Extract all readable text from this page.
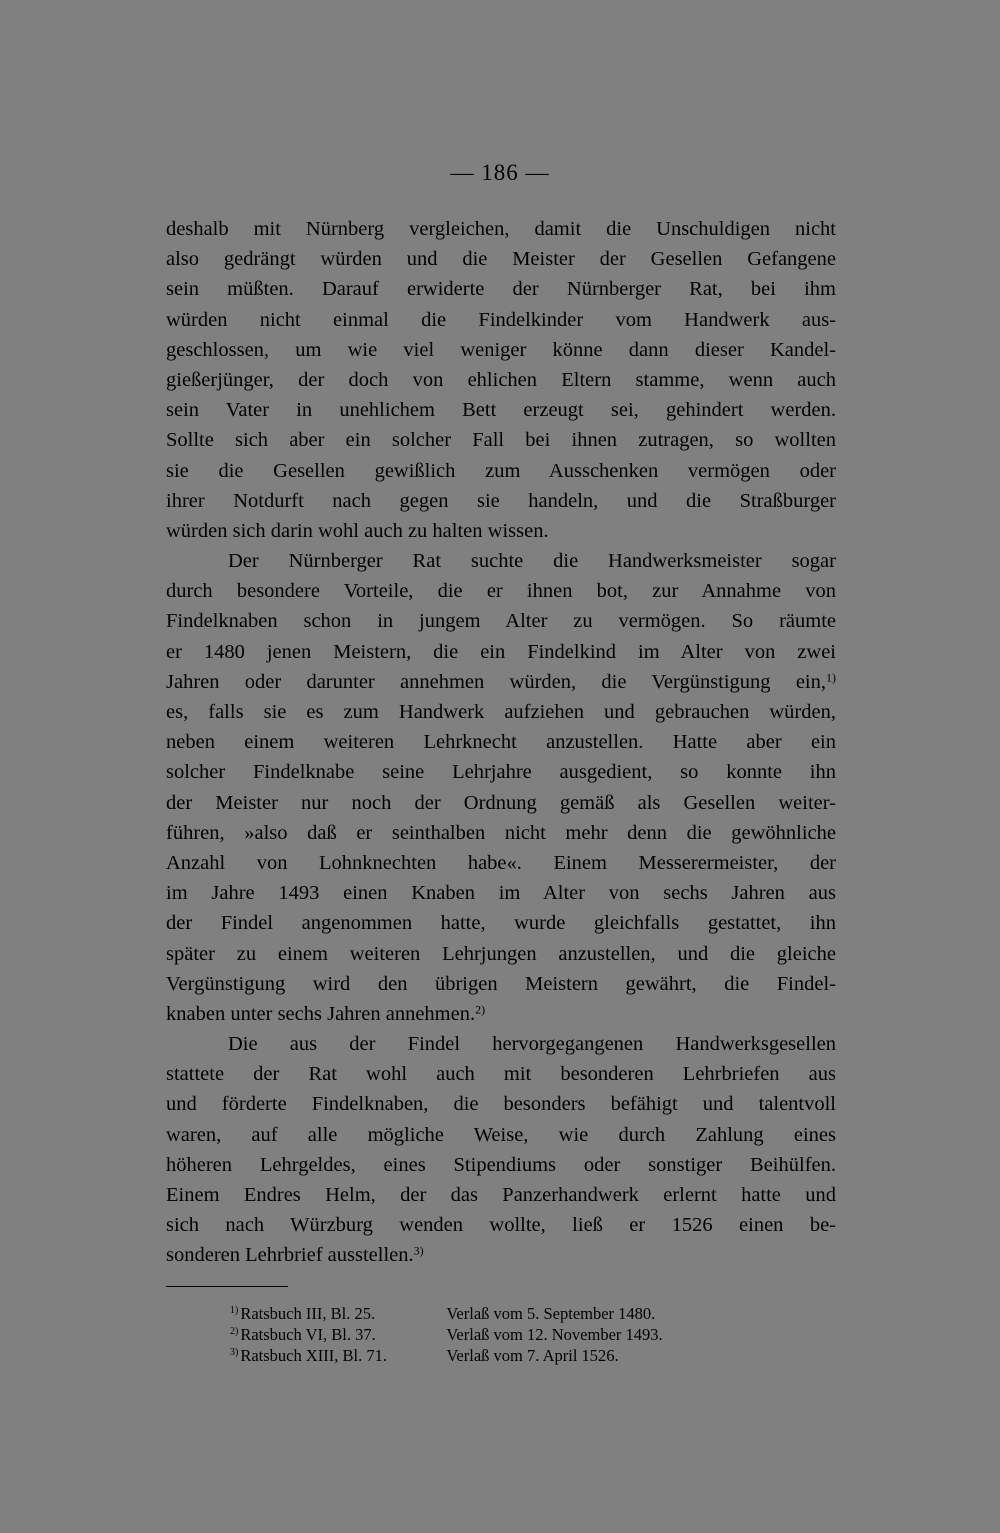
— 186 —
deshalb mit Nürnberg vergleichen, damit die Unschuldigen nicht
also gedrängt würden und die Meister der Gesellen Gefangene
sein müßten. Darauf erwiderte der Nürnberger Rat, bei ihm
würden nicht einmal die Findelkinder vom Handwerk aus-
geschlossen, um wie viel weniger könne dann dieser Kandel-
gießerjünger, der doch von ehlichen Eltern stamme, wenn auch
sein Vater in unehlichem Bett erzeugt sei, gehindert werden.
Sollte sich aber ein solcher Fall bei ihnen zutragen, so wollten
sie die Gesellen gewißlich zum Ausschenken vermögen oder
ihrer Notdurft nach gegen sie handeln, und die Straßburger
würden sich darin wohl auch zu halten wissen.
Der Nürnberger Rat suchte die Handwerksmeister sogar
durch besondere Vorteile, die er ihnen bot, zur Annahme von
Findelknaben schon in jungem Alter zu vermögen. So räumte
er 1480 jenen Meistern, die ein Findelkind im Alter von zwei
Jahren oder darunter annehmen würden, die Vergünstigung ein,$^{1)}$
es, falls sie es zum Handwerk aufziehen und gebrauchen würden,
neben einem weiteren Lehrknecht anzustellen. Hatte aber ein
solcher Findelknabe seine Lehrjahre ausgedient, so konnte ihn
der Meister nur noch der Ordnung gemäß als Gesellen weiter-
führen, »also daß er seinthalben nicht mehr denn die gewöhnliche
Anzahl von Lohnknechten habe«. Einem Messerermeister, der
im Jahre 1493 einen Knaben im Alter von sechs Jahren aus
der Findel angenommen hatte, wurde gleichfalls gestattet, ihn
später zu einem weiteren Lehrjungen anzustellen, und die gleiche
Vergünstigung wird den übrigen Meistern gewährt, die Findel-
knaben unter sechs Jahren annehmen.$^{2)}$
Die aus der Findel hervorgegangenen Handwerksgesellen
stattete der Rat wohl auch mit besonderen Lehrbriefen aus
und förderte Findelknaben, die besonders befähigt und talentvoll
waren, auf alle mögliche Weise, wie durch Zahlung eines
höheren Lehrgeldes, eines Stipendiums oder sonstiger Beihülfen.
Einem Endres Helm, der das Panzerhandwerk erlernt hatte und
sich nach Würzburg wenden wollte, ließ er 1526 einen be-
sonderen Lehrbrief ausstellen.$^{3)}$
$^{1)}$ Ratsbuch III, Bl. 25.	Verlaß vom 5. September 1480.
$^{2)}$ Ratsbuch VI, Bl. 37.	Verlaß vom 12. November 1493.
$^{3)}$ Ratsbuch XIII, Bl. 71.	Verlaß vom 7. April 1526.
